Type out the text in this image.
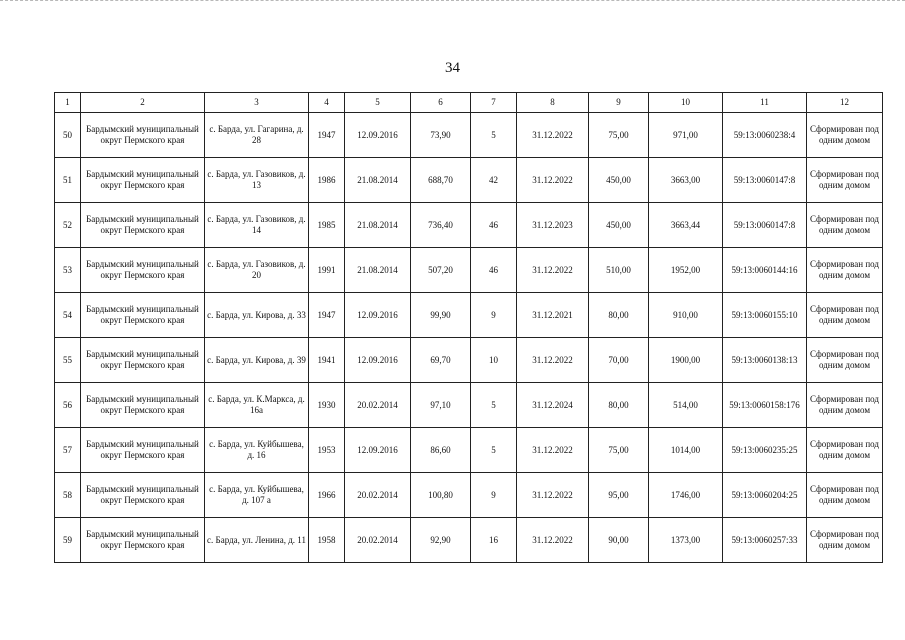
34
1	2	3	4	5	6	7	8	9	10	11	12
50	Бардымский муниципальный округ Пермского края	с. Барда, ул. Гагарина, д. 28	1947	12.09.2016	73,90	5	31.12.2022	75,00	971,00	59:13:0060238:4	Сформирован под одним домом
51	Бардымский муниципальный округ Пермского края	с. Барда, ул. Газовиков, д. 13	1986	21.08.2014	688,70	42	31.12.2022	450,00	3663,00	59:13:0060147:8	Сформирован под одним домом
52	Бардымский муниципальный округ Пермского края	с. Барда, ул. Газовиков, д. 14	1985	21.08.2014	736,40	46	31.12.2023	450,00	3663,44	59:13:0060147:8	Сформирован под одним домом
53	Бардымский муниципальный округ Пермского края	с. Барда, ул. Газовиков, д. 20	1991	21.08.2014	507,20	46	31.12.2022	510,00	1952,00	59:13:0060144:16	Сформирован под одним домом
54	Бардымский муниципальный округ Пермского края	с. Барда, ул. Кирова, д. 33	1947	12.09.2016	99,90	9	31.12.2021	80,00	910,00	59:13:0060155:10	Сформирован под одним домом
55	Бардымский муниципальный округ Пермского края	с. Барда, ул. Кирова, д. 39	1941	12.09.2016	69,70	10	31.12.2022	70,00	1900,00	59:13:0060138:13	Сформирован под одним домом
56	Бардымский муниципальный округ Пермского края	с. Барда, ул. К.Маркса, д. 16а	1930	20.02.2014	97,10	5	31.12.2024	80,00	514,00	59:13:0060158:176	Сформирован под одним домом
57	Бардымский муниципальный округ Пермского края	с. Барда, ул. Куйбышева, д. 16	1953	12.09.2016	86,60	5	31.12.2022	75,00	1014,00	59:13:0060235:25	Сформирован под одним домом
58	Бардымский муниципальный округ Пермского края	с. Барда, ул. Куйбышева, д. 107 а	1966	20.02.2014	100,80	9	31.12.2022	95,00	1746,00	59:13:0060204:25	Сформирован под одним домом
59	Бардымский муниципальный округ Пермского края	с. Барда, ул. Ленина, д. 11	1958	20.02.2014	92,90	16	31.12.2022	90,00	1373,00	59:13:0060257:33	Сформирован под одним домом
